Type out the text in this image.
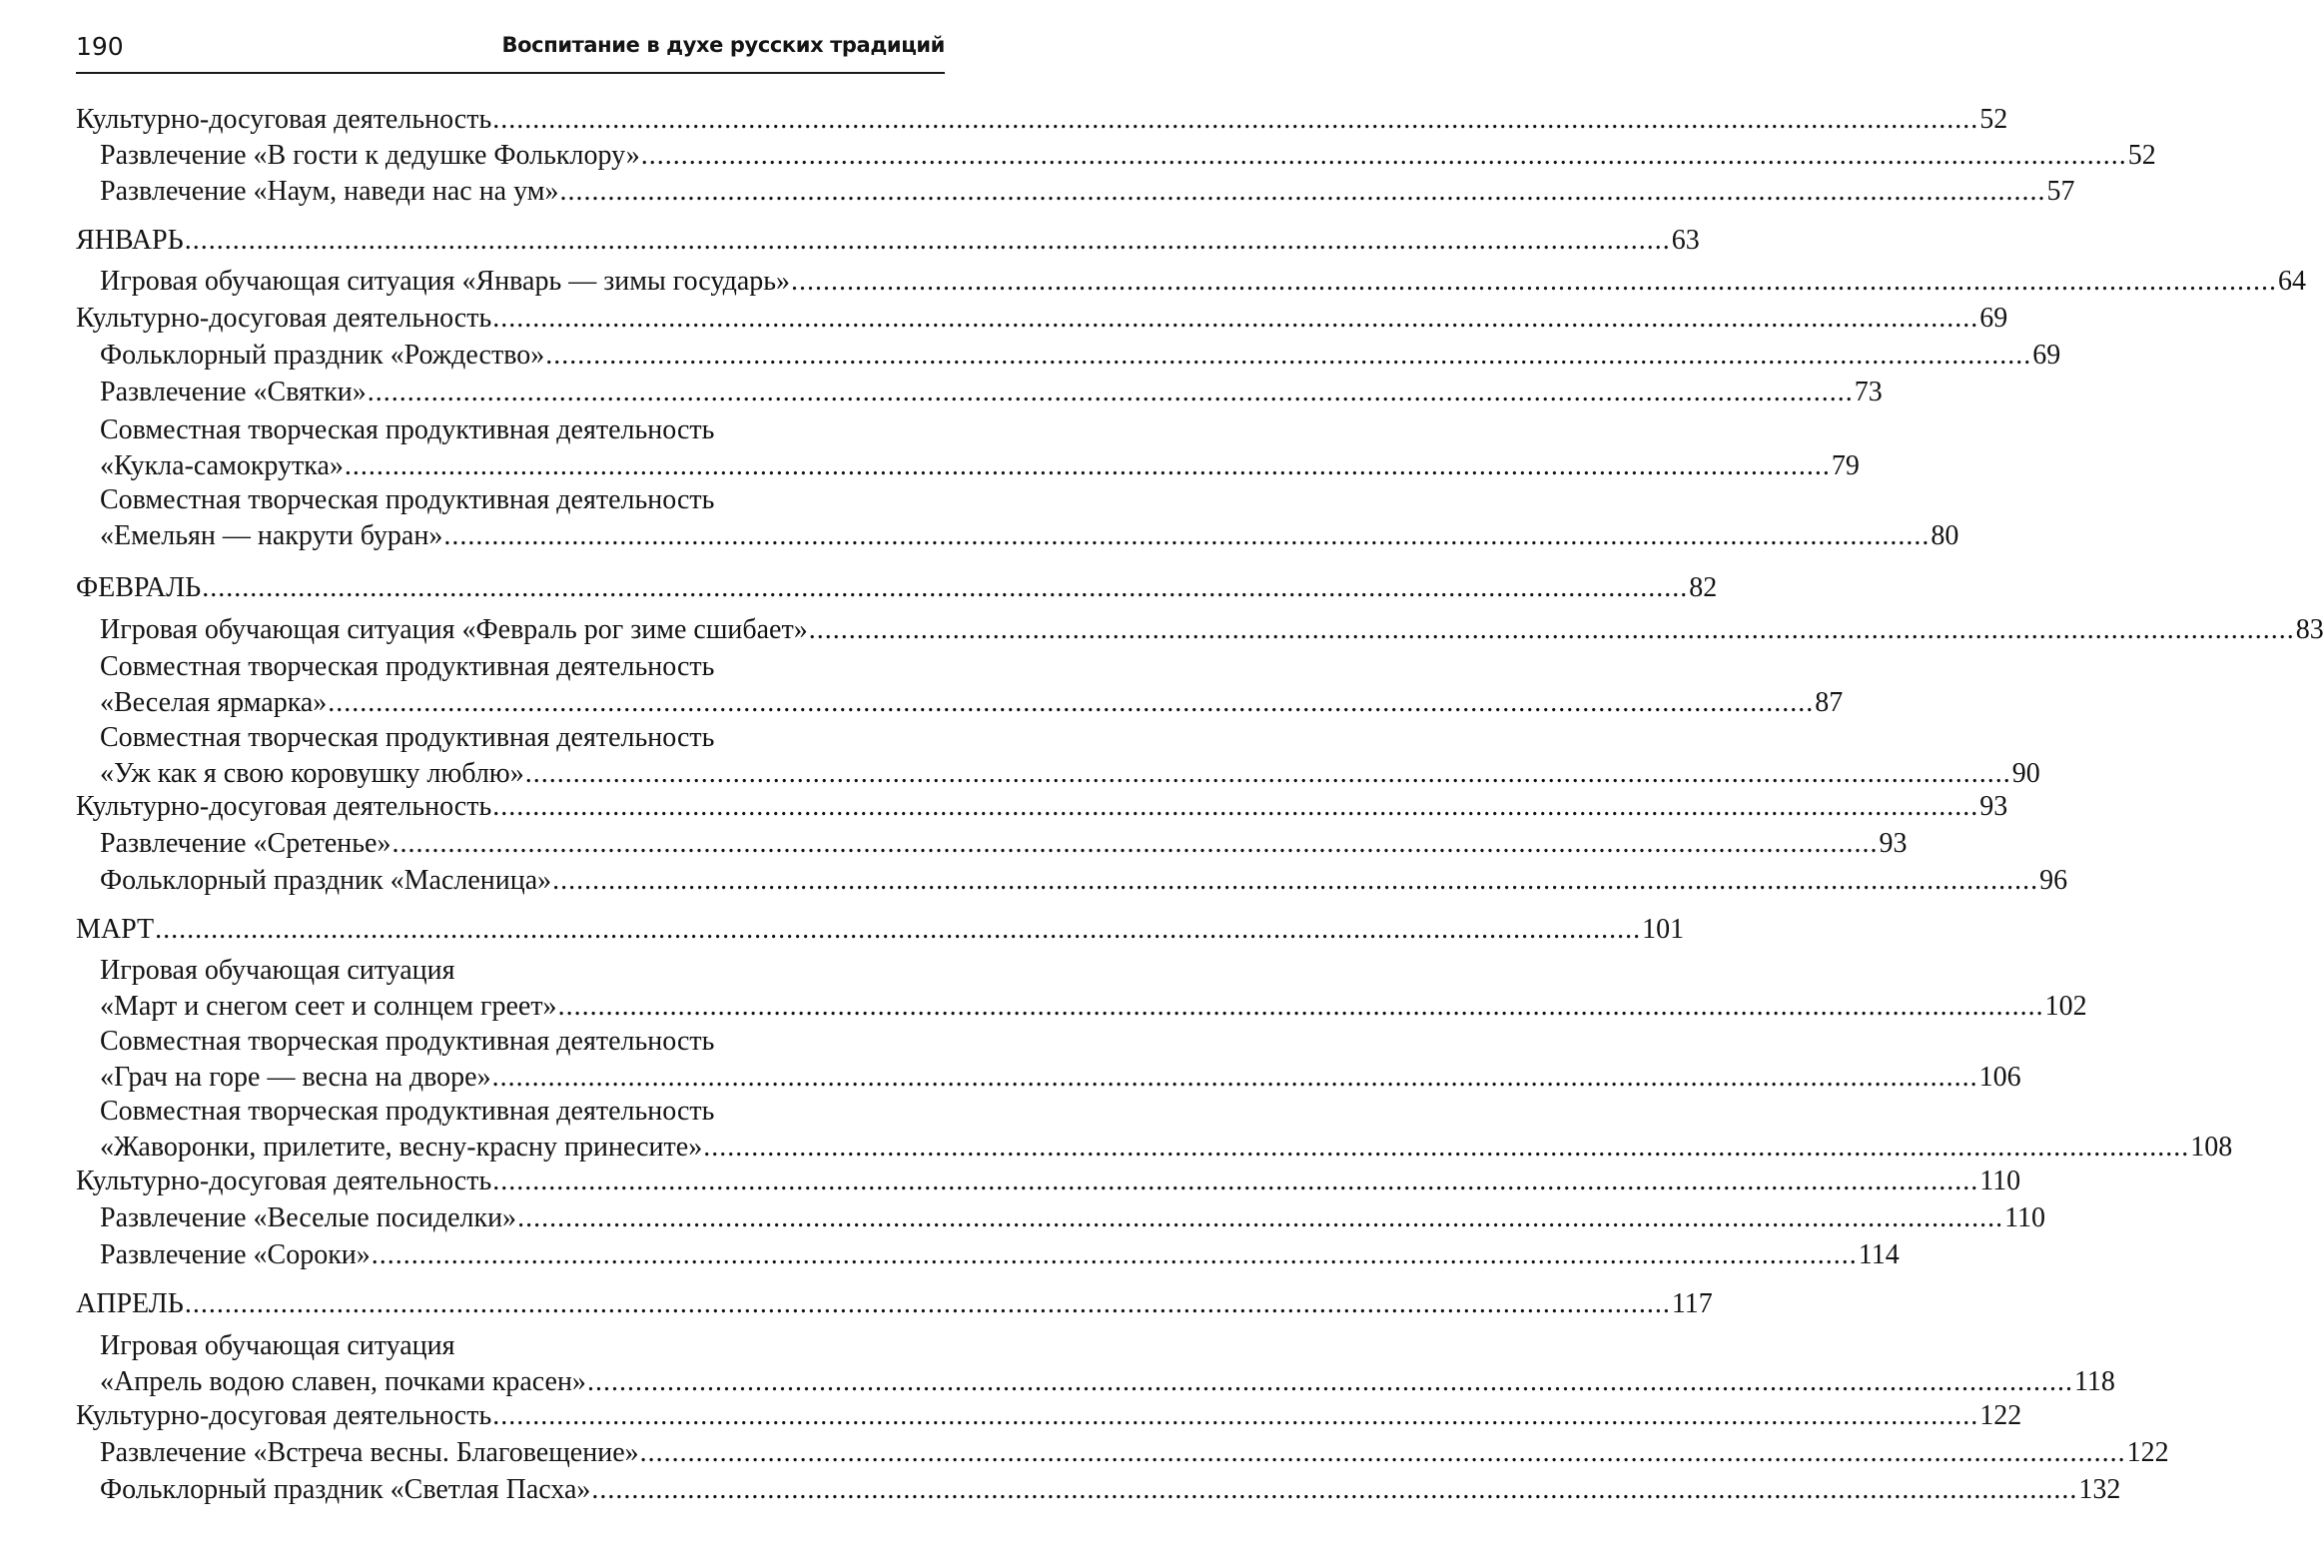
190	Воспитание в духе русских традиций
Культурно-досуговая деятельность .......................................................................................................................................................................................... 52
Развлечение «В гости к дедушке Фольклору» .......................................................................................................................................................................................... 52
Развлечение «Наум, наведи нас на ум» .......................................................................................................................................................................................... 57
ЯНВАРЬ .......................................................................................................................................................................................... 63
Игровая обучающая ситуация «Январь — зимы государь» .......................................................................................................................................................................................... 64
Культурно-досуговая деятельность .......................................................................................................................................................................................... 69
Фольклорный праздник «Рождество» .......................................................................................................................................................................................... 69
Развлечение «Святки» .......................................................................................................................................................................................... 73
Совместная творческая продуктивная деятельность
«Кукла-самокрутка» .......................................................................................................................................................................................... 79
Совместная творческая продуктивная деятельность
«Емельян — накрути буран» .......................................................................................................................................................................................... 80
ФЕВРАЛЬ .......................................................................................................................................................................................... 82
Игровая обучающая ситуация «Февраль рог зиме сшибает» .......................................................................................................................................................................................... 83
Совместная творческая продуктивная деятельность
«Веселая ярмарка» .......................................................................................................................................................................................... 87
Совместная творческая продуктивная деятельность
«Уж как я свою коровушку люблю» .......................................................................................................................................................................................... 90
Культурно-досуговая деятельность .......................................................................................................................................................................................... 93
Развлечение «Сретенье» .......................................................................................................................................................................................... 93
Фольклорный праздник «Масленица» .......................................................................................................................................................................................... 96
МАРТ .......................................................................................................................................................................................... 101
Игровая обучающая ситуация
«Март и снегом сеет и солнцем греет» .......................................................................................................................................................................................... 102
Совместная творческая продуктивная деятельность
«Грач на горе — весна на дворе» .......................................................................................................................................................................................... 106
Совместная творческая продуктивная деятельность
«Жаворонки, прилетите, весну-красну принесите» .......................................................................................................................................................................................... 108
Культурно-досуговая деятельность .......................................................................................................................................................................................... 110
Развлечение «Веселые посиделки» .......................................................................................................................................................................................... 110
Развлечение «Сороки» .......................................................................................................................................................................................... 114
АПРЕЛЬ .......................................................................................................................................................................................... 117
Игровая обучающая ситуация
«Апрель водою славен, почками красен» .......................................................................................................................................................................................... 118
Культурно-досуговая деятельность .......................................................................................................................................................................................... 122
Развлечение «Встреча весны. Благовещение» .......................................................................................................................................................................................... 122
Фольклорный праздник «Светлая Пасха» .......................................................................................................................................................................................... 132
